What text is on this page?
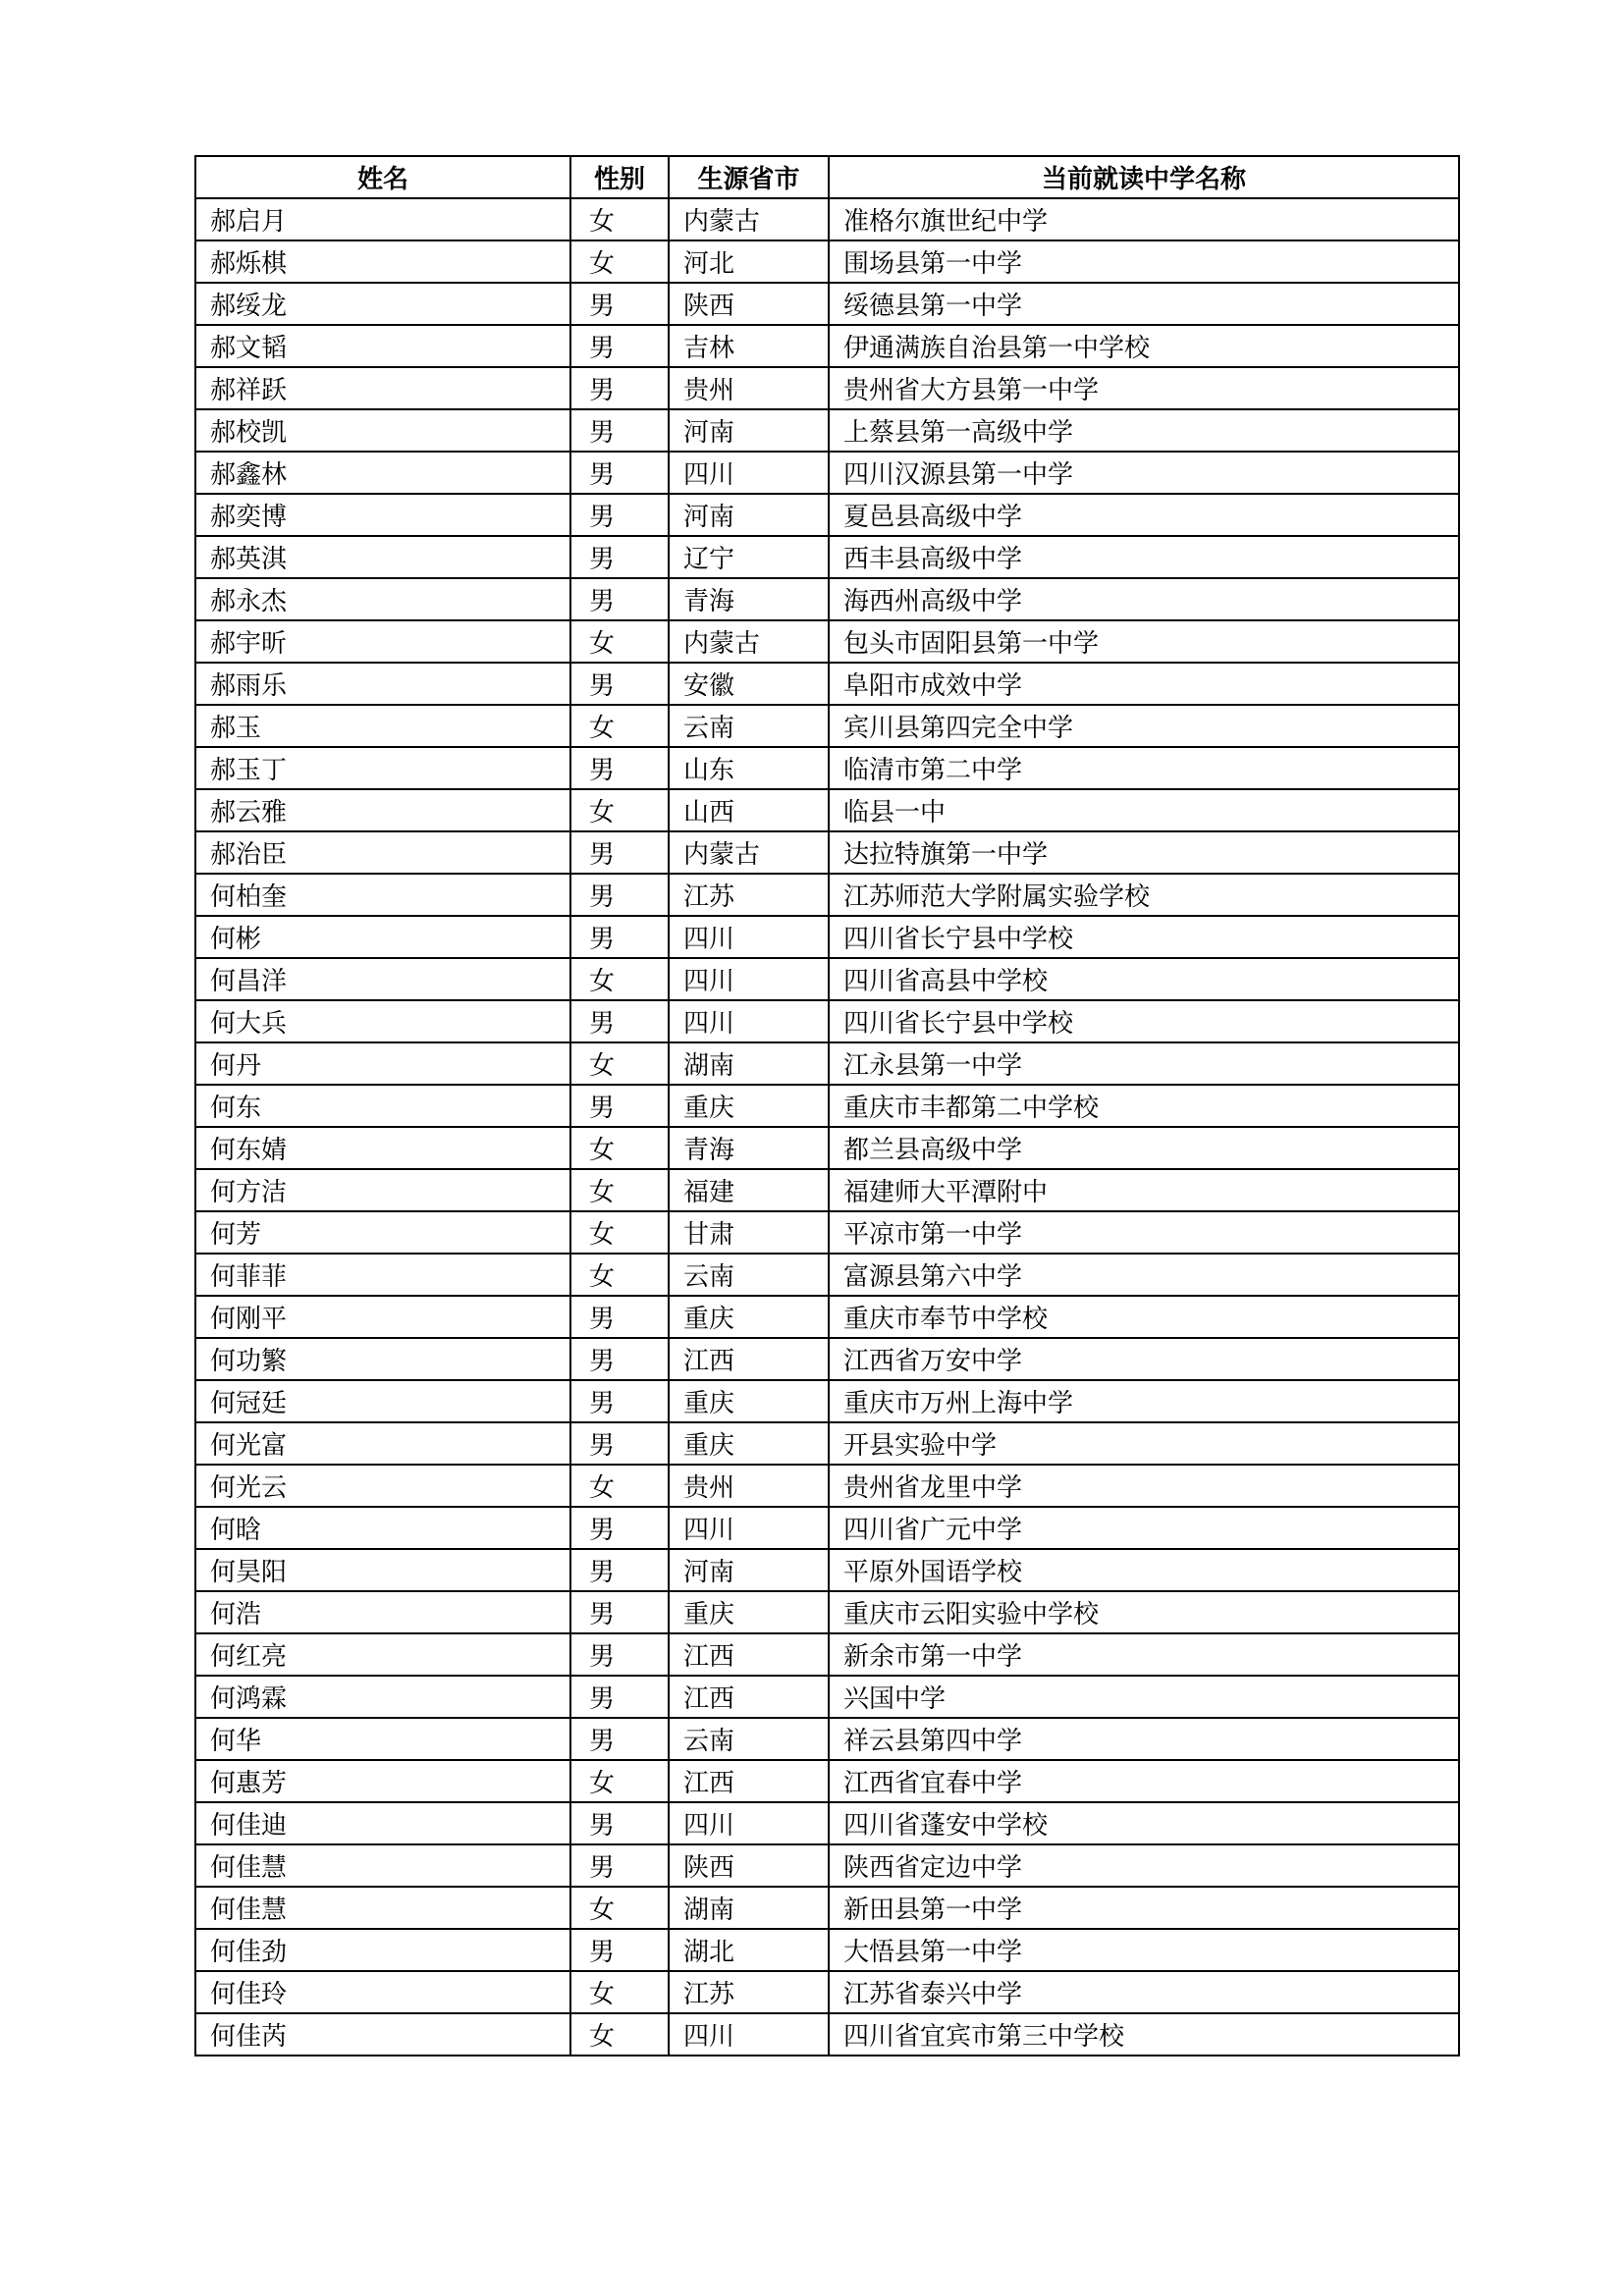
姓名	性别	生源省市	当前就读中学名称
郝启月	女	内蒙古	准格尔旗世纪中学
郝烁棋	女	河北	围场县第一中学
郝绥龙	男	陕西	绥德县第一中学
郝文韬	男	吉林	伊通满族自治县第一中学校
郝祥跃	男	贵州	贵州省大方县第一中学
郝校凯	男	河南	上蔡县第一高级中学
郝鑫林	男	四川	四川汉源县第一中学
郝奕博	男	河南	夏邑县高级中学
郝英淇	男	辽宁	西丰县高级中学
郝永杰	男	青海	海西州高级中学
郝宇昕	女	内蒙古	包头市固阳县第一中学
郝雨乐	男	安徽	阜阳市成效中学
郝玉	女	云南	宾川县第四完全中学
郝玉丁	男	山东	临清市第二中学
郝云雅	女	山西	临县一中
郝治臣	男	内蒙古	达拉特旗第一中学
何柏奎	男	江苏	江苏师范大学附属实验学校
何彬	男	四川	四川省长宁县中学校
何昌洋	女	四川	四川省高县中学校
何大兵	男	四川	四川省长宁县中学校
何丹	女	湖南	江永县第一中学
何东	男	重庆	重庆市丰都第二中学校
何东婧	女	青海	都兰县高级中学
何方洁	女	福建	福建师大平潭附中
何芳	女	甘肃	平凉市第一中学
何菲菲	女	云南	富源县第六中学
何刚平	男	重庆	重庆市奉节中学校
何功繁	男	江西	江西省万安中学
何冠廷	男	重庆	重庆市万州上海中学
何光富	男	重庆	开县实验中学
何光云	女	贵州	贵州省龙里中学
何晗	男	四川	四川省广元中学
何昊阳	男	河南	平原外国语学校
何浩	男	重庆	重庆市云阳实验中学校
何红亮	男	江西	新余市第一中学
何鸿霖	男	江西	兴国中学
何华	男	云南	祥云县第四中学
何惠芳	女	江西	江西省宜春中学
何佳迪	男	四川	四川省蓬安中学校
何佳慧	男	陕西	陕西省定边中学
何佳慧	女	湖南	新田县第一中学
何佳劲	男	湖北	大悟县第一中学
何佳玲	女	江苏	江苏省泰兴中学
何佳芮	女	四川	四川省宜宾市第三中学校
